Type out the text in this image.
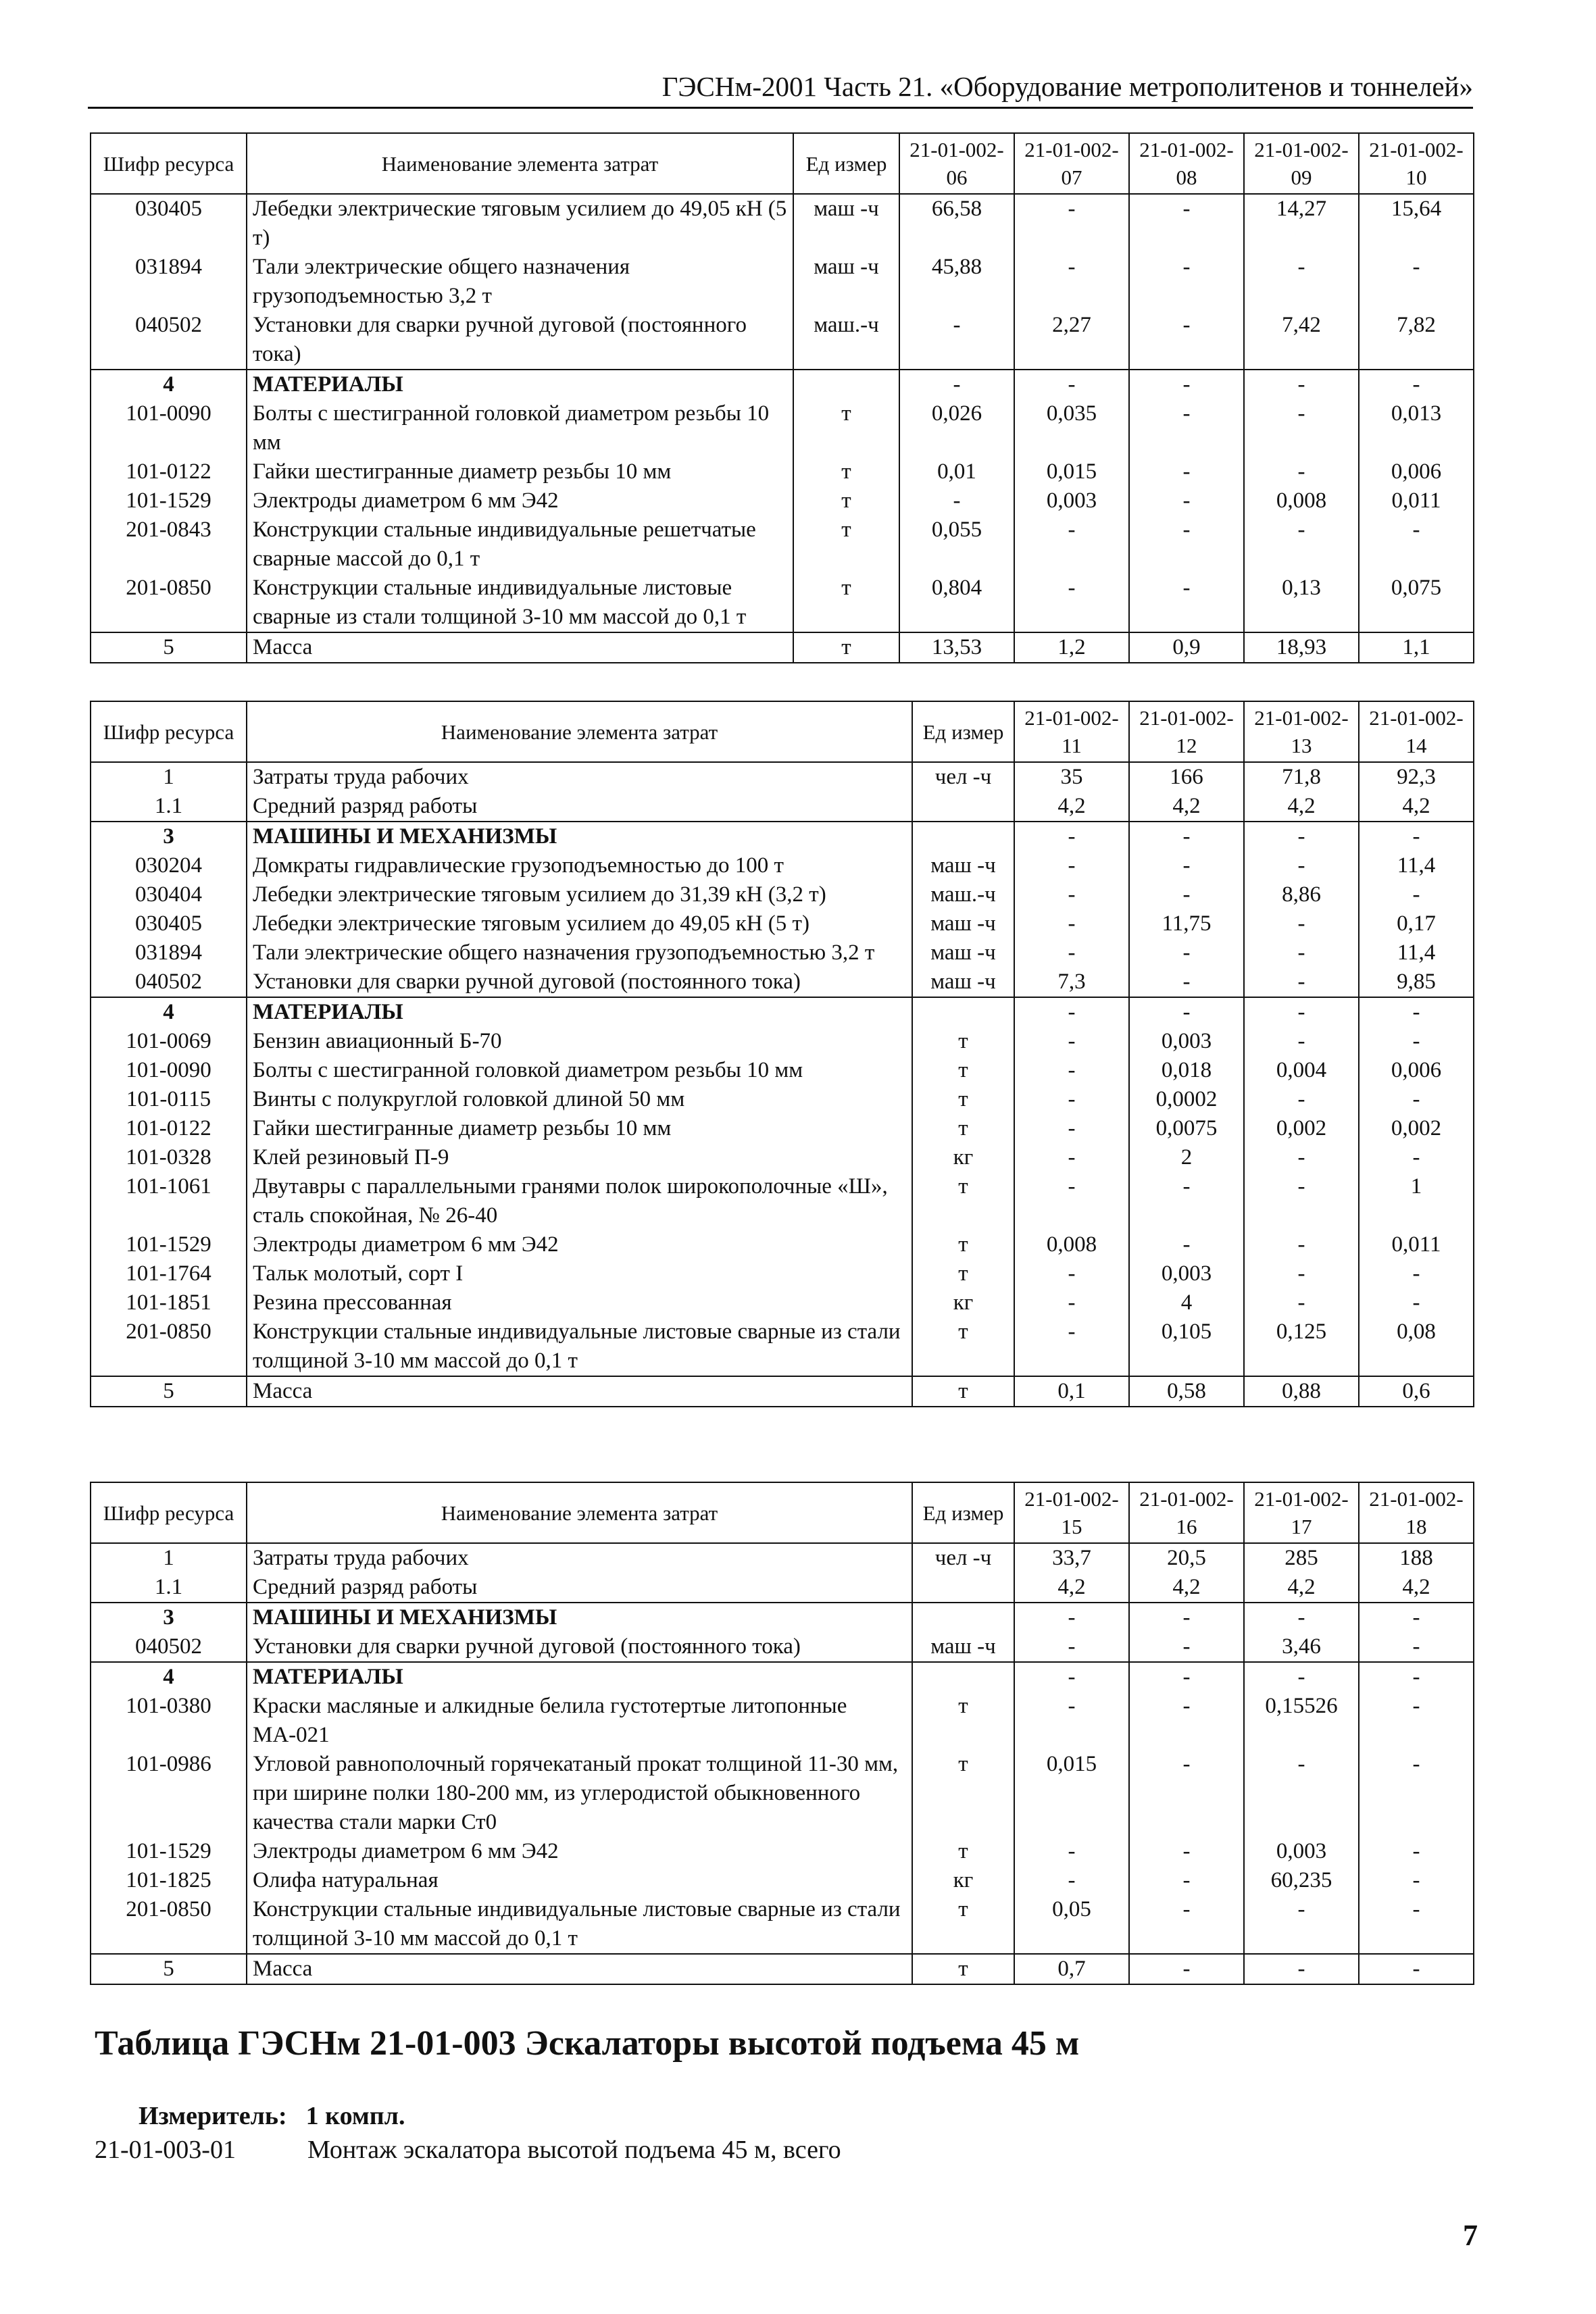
ГЭСНм-2001 Часть 21. «Оборудование метрополитенов и тоннелей»
Шифр ресурса	Наименование элемента затрат	Ед измер	21-01-002-06	21-01-002-07	21-01-002-08	21-01-002-09	21-01-002-10
030405	Лебедки электрические тяговым усилием до 49,05 кН (5 т)	маш -ч	66,58	-	-	14,27	15,64
031894	Тали электрические общего назначения грузоподъемностью 3,2 т	маш -ч	45,88	-	-	-	-
040502	Установки для сварки ручной дуговой (постоянного тока)	маш.-ч	-	2,27	-	7,42	7,82
4	МАТЕРИАЛЫ		-	-	-	-	-
101-0090	Болты с шестигранной головкой диаметром резьбы 10 мм	т	0,026	0,035	-	-	0,013
101-0122	Гайки шестигранные диаметр резьбы 10 мм	т	0,01	0,015	-	-	0,006
101-1529	Электроды диаметром 6 мм Э42	т	-	0,003	-	0,008	0,011
201-0843	Конструкции стальные индивидуальные решетчатые сварные массой до 0,1 т	т	0,055	-	-	-	-
201-0850	Конструкции стальные индивидуальные листовые сварные из стали толщиной 3-10 мм массой до 0,1 т	т	0,804	-	-	0,13	0,075
5	Масса	т	13,53	1,2	0,9	18,93	1,1
Шифр ресурса	Наименование элемента затрат	Ед измер	21-01-002-11	21-01-002-12	21-01-002-13	21-01-002-14
1	Затраты труда рабочих	чел -ч	35	166	71,8	92,3
1.1	Средний разряд работы		4,2	4,2	4,2	4,2
3	МАШИНЫ И МЕХАНИЗМЫ		-	-	-	-
030204	Домкраты гидравлические грузоподъемностью до 100 т	маш -ч	-	-	-	11,4
030404	Лебедки электрические тяговым усилием до 31,39 кН (3,2 т)	маш.-ч	-	-	8,86	-
030405	Лебедки электрические тяговым усилием до 49,05 кН (5 т)	маш -ч	-	11,75	-	0,17
031894	Тали электрические общего назначения грузоподъемностью 3,2 т	маш -ч	-	-	-	11,4
040502	Установки для сварки ручной дуговой (постоянного тока)	маш -ч	7,3	-	-	9,85
4	МАТЕРИАЛЫ		-	-	-	-
101-0069	Бензин авиационный Б-70	т	-	0,003	-	-
101-0090	Болты с шестигранной головкой диаметром резьбы 10 мм	т	-	0,018	0,004	0,006
101-0115	Винты с полукруглой головкой длиной 50 мм	т	-	0,0002	-	-
101-0122	Гайки шестигранные диаметр резьбы 10 мм	т	-	0,0075	0,002	0,002
101-0328	Клей резиновый П-9	кг	-	2	-	-
101-1061	Двутавры с параллельными гранями полок широкополочные «Ш», сталь спокойная, № 26-40	т	-	-	-	1
101-1529	Электроды диаметром 6 мм Э42	т	0,008	-	-	0,011
101-1764	Тальк молотый, сорт I	т	-	0,003	-	-
101-1851	Резина прессованная	кг	-	4	-	-
201-0850	Конструкции стальные индивидуальные листовые сварные из стали толщиной 3-10 мм массой до 0,1 т	т	-	0,105	0,125	0,08
5	Масса	т	0,1	0,58	0,88	0,6
Шифр ресурса	Наименование элемента затрат	Ед измер	21-01-002-15	21-01-002-16	21-01-002-17	21-01-002-18
1	Затраты труда рабочих	чел -ч	33,7	20,5	285	188
1.1	Средний разряд работы		4,2	4,2	4,2	4,2
3	МАШИНЫ И МЕХАНИЗМЫ		-	-	-	-
040502	Установки для сварки ручной дуговой (постоянного тока)	маш -ч	-	-	3,46	-
4	МАТЕРИАЛЫ		-	-	-	-
101-0380	Краски масляные и алкидные белила густотертые литопонные МА-021	т	-	-	0,15526	-
101-0986	Угловой равнополочный горячекатаный прокат толщиной 11-30 мм, при ширине полки 180-200 мм, из углеродистой обыкновенного качества стали марки Ст0	т	0,015	-	-	-
101-1529	Электроды диаметром 6 мм Э42	т	-	-	0,003	-
101-1825	Олифа натуральная	кг	-	-	60,235	-
201-0850	Конструкции стальные индивидуальные листовые сварные из стали толщиной 3-10 мм массой до 0,1 т	т	0,05	-	-	-
5	Масса	т	0,7	-	-	-
Таблица ГЭСНм 21-01-003 Эскалаторы высотой подъема 45 м
Измеритель: 1 компл.
21-01-003-01	Монтаж эскалатора высотой подъема 45 м, всего
7
